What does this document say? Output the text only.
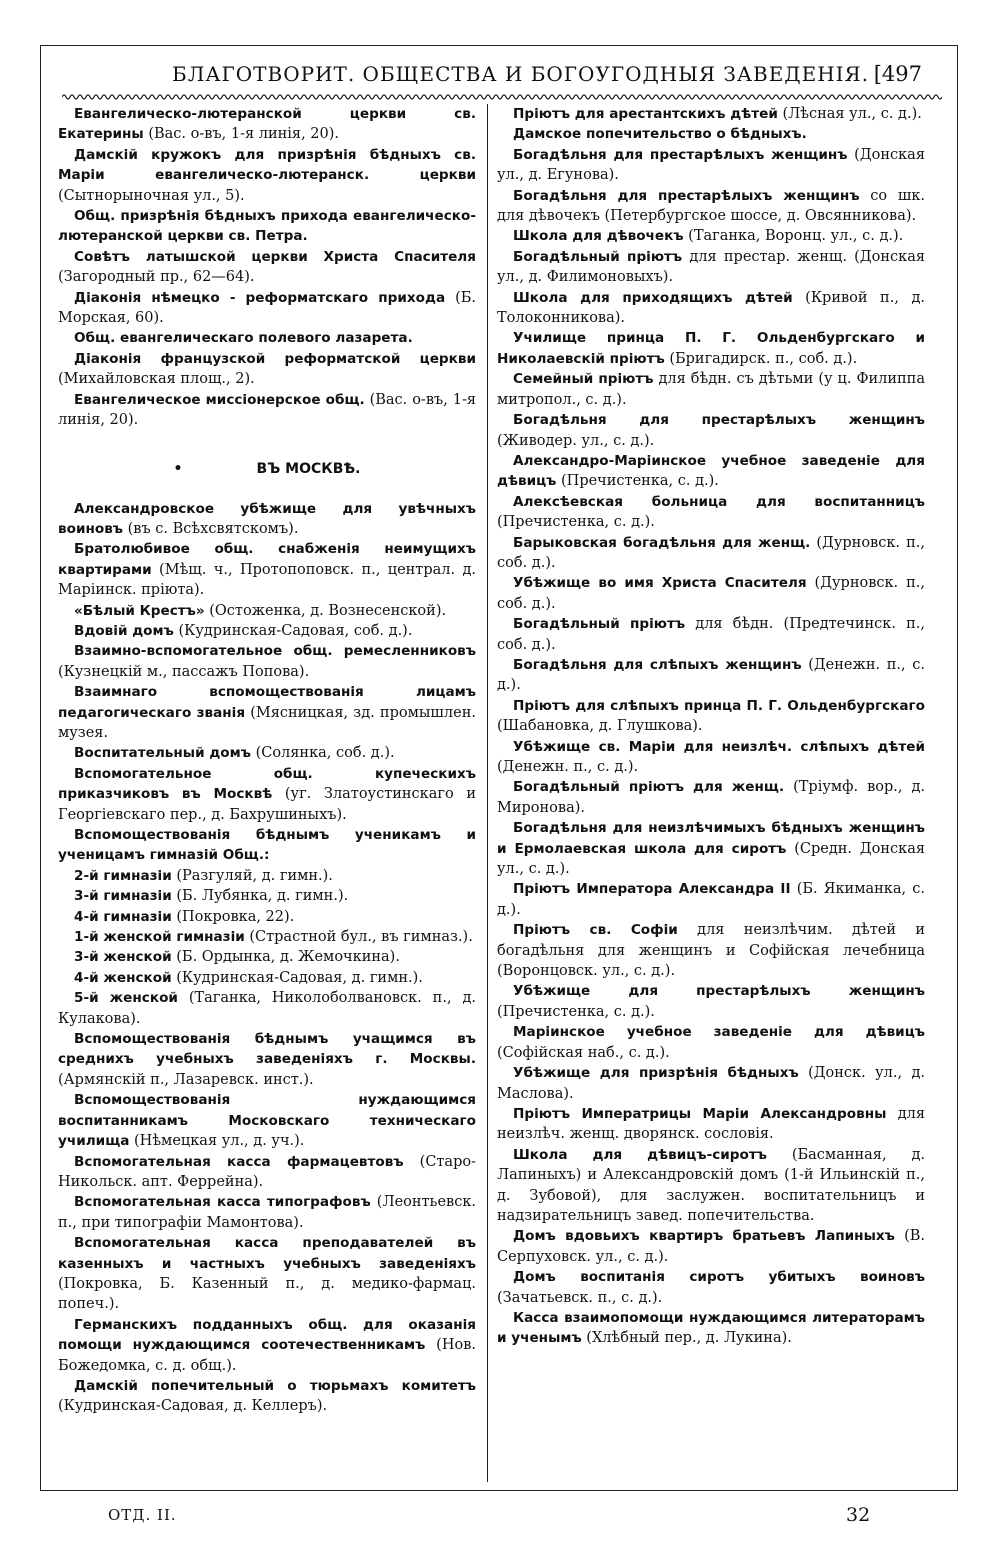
БЛАГОТВОРИТ. ОБЩЕСТВА И БОГОУГОДНЫЯ ЗАВЕДЕНІЯ. [497

Евангелическо-лютеранской церкви св. Екатерины (Вас. о-въ, 1-я линія, 20).

Дамскій кружокъ для призрѣнія бѣдныхъ св. Маріи евангелическо-лютеранск. церкви (Сытнорыночная ул., 5).

Общ. призрѣнія бѣдныхъ прихода евангелическо-лютеранской церкви св. Петра.

Совѣтъ латышской церкви Христа Спасителя (Загородный пр., 62—64).

Діаконія нѣмецко - реформатскаго прихода (Б. Морская, 60).

Общ. евангелическаго полевого лазарета.

Діаконія французской реформатской церкви (Михайловская площ., 2).

Евангелическое миссіонерское общ. (Вас. о-въ, 1-я линія, 20).

•	ВЪ МОСКВѢ.

Александровское убѣжище для увѣчныхъ воиновъ (въ с. Всѣхсвятскомъ).

Братолюбивое общ. снабженія неимущихъ квартирами (Мѣщ. ч., Протопоповск. п., централ. д. Маріинск. пріюта).

«Бѣлый Крестъ» (Остоженка, д. Вознесенской).

Вдовій домъ (Кудринская-Садовая, соб. д.).

Взаимно-вспомогательное общ. ремесленниковъ (Кузнецкій м., пассажъ Попова).

Взаимнаго вспомоществованія лицамъ педагогическаго званія (Мясницкая, зд. промышлен. музея.

Воспитательный домъ (Солянка, соб. д.).

Вспомогательное общ. купеческихъ приказчиковъ въ Москвѣ (уг. Златоустинскаго и Георгіевскаго пер., д. Бахрушиныхъ).

Вспомоществованія бѣднымъ ученикамъ и ученицамъ гимназій Общ.:

2-й гимназіи (Разгуляй, д. гимн.).

3-й гимназіи (Б. Лубянка, д. гимн.).

4-й гимназіи (Покровка, 22).

1-й женской гимназіи (Страстной бул., въ гимназ.).

3-й женской (Б. Ордынка, д. Жемочкина).

4-й женской (Кудринская-Садовая, д. гимн.).

5-й женской (Таганка, Николоболвановск. п., д. Кулакова).

Вспомоществованія бѣднымъ учащимся въ среднихъ учебныхъ заведеніяхъ г. Москвы. (Армянскій п., Лазаревск. инст.).

Вспомоществованія нуждающимся воспитанникамъ Московскаго техническаго училища (Нѣмецкая ул., д. уч.).

Вспомогательная касса фармацевтовъ (Старо-Никольск. апт. Феррейна).

Вспомогательная касса типографовъ (Леонтьевск. п., при типографіи Мамонтова).

Вспомогательная касса преподавателей въ казенныхъ и частныхъ учебныхъ заведеніяхъ (Покровка, Б. Казенный п., д. медико-фармац. попеч.).

Германскихъ подданныхъ общ. для оказанія помощи нуждающимся соотечественникамъ (Нов. Божедомка, с. д. общ.).

Дамскій попечительный о тюрьмахъ комитетъ (Кудринская-Садовая, д. Келлеръ).

Пріютъ для арестантскихъ дѣтей (Лѣсная ул., с. д.).

Дамское попечительство о бѣдныхъ.

Богадѣльня для престарѣлыхъ женщинъ (Донская ул., д. Егунова).

Богадѣльня для престарѣлыхъ женщинъ со шк. для дѣвочекъ (Петербургское шоссе, д. Овсянникова).

Школа для дѣвочекъ (Таганка, Воронц. ул., с. д.).

Богадѣльный пріютъ для престар. женщ. (Донская ул., д. Филимоновыхъ).

Школа для приходящихъ дѣтей (Кривой п., д. Толоконникова).

Училище принца П. Г. Ольденбургскаго и Николаевскій пріютъ (Бригадирск. п., соб. д.).

Семейный пріютъ для бѣдн. съ дѣтьми (у ц. Филиппа митропол., с. д.).

Богадѣльня для престарѣлыхъ женщинъ (Живодер. ул., с. д.).

Александро-Маріинское учебное заведеніе для дѣвицъ (Пречистенка, с. д.).

Алексѣевская больница для воспитанницъ (Пречистенка, с. д.).

Барыковская богадѣльня для женщ. (Дурновск. п., соб. д.).

Убѣжище во имя Христа Спасителя (Дурновск. п., соб. д.).

Богадѣльный пріютъ для бѣдн. (Предтечинск. п., соб. д.).

Богадѣльня для слѣпыхъ женщинъ (Денежн. п., с. д.).

Пріютъ для слѣпыхъ принца П. Г. Ольденбургскаго (Шабановка, д. Глушкова).

Убѣжище св. Маріи для неизлѣч. слѣпыхъ дѣтей (Денежн. п., с. д.).

Богадѣльный пріютъ для женщ. (Тріумф. вор., д. Миронова).

Богадѣльня для неизлѣчимыхъ бѣдныхъ женщинъ и Ермолаевская школа для сиротъ (Средн. Донская ул., с. д.).

Пріютъ Императора Александра II (Б. Якиманка, с. д.).

Пріютъ св. Софіи для неизлѣчим. дѣтей и богадѣльня для женщинъ и Софійская лечебница (Воронцовск. ул., с. д.).

Убѣжище для престарѣлыхъ женщинъ (Пречистенка, с. д.).

Маріинское учебное заведеніе для дѣвицъ (Софійская наб., с. д.).

Убѣжище для призрѣнія бѣдныхъ (Донск. ул., д. Маслова).

Пріютъ Императрицы Маріи Александровны для неизлѣч. женщ. дворянск. сословія.

Школа для дѣвицъ-сиротъ (Басманная, д. Лапиныхъ) и Александровскій домъ (1-й Ильинскій п., д. Зубовой), для заслужен. воспитательницъ и надзирательницъ завед. попечительства.

Домъ вдовьихъ квартиръ братьевъ Лапиныхъ (В. Серпуховск. ул., с. д.).

Домъ воспитанія сиротъ убитыхъ воиновъ (Зачатьевск. п., с. д.).

Касса взаимопомощи нуждающимся литераторамъ и ученымъ (Хлѣбный пер., д. Лукина).

ОТД. II.	32
